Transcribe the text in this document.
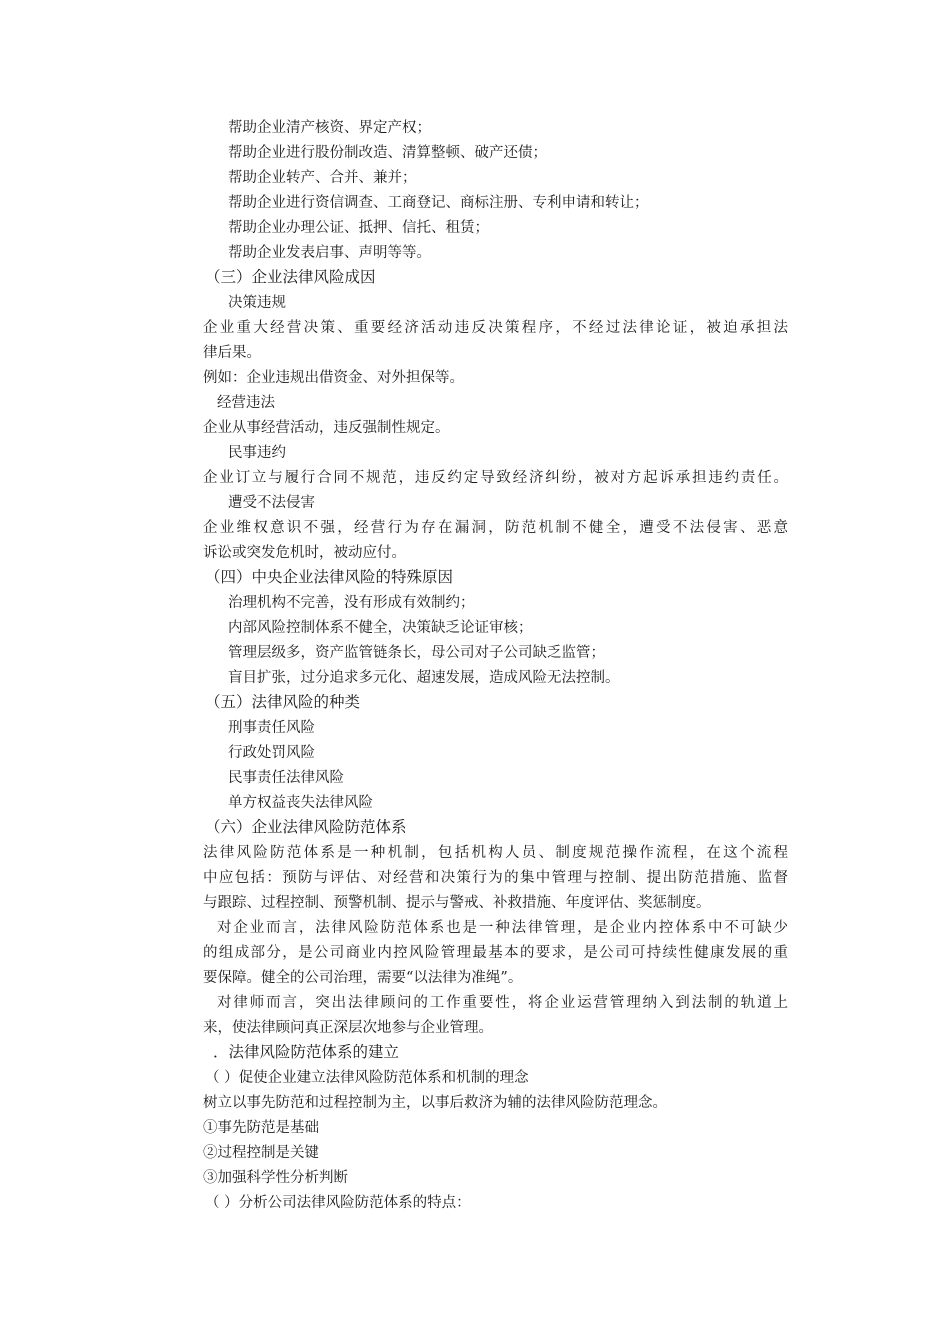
帮助企业清产核资、界定产权；
帮助企业进行股份制改造、清算整顿、破产还债；
帮助企业转产、合并、兼并；
帮助企业进行资信调查、工商登记、商标注册、专利申请和转让；
帮助企业办理公证、抵押、信托、租赁；
帮助企业发表启事、声明等等。
（三）企业法律风险成因
决策违规
企业重大经营决策、重要经济活动违反决策程序，不经过法律论证，被迫承担法
律后果。
例如：企业违规出借资金、对外担保等。
经营违法
企业从事经营活动，违反强制性规定。
民事违约
企业订立与履行合同不规范，违反约定导致经济纠纷，被对方起诉承担违约责任。
遭受不法侵害
企业维权意识不强，经营行为存在漏洞，防范机制不健全，遭受不法侵害、恶意
诉讼或突发危机时，被动应付。
（四）中央企业法律风险的特殊原因
治理机构不完善，没有形成有效制约；
内部风险控制体系不健全，决策缺乏论证审核；
管理层级多，资产监管链条长，母公司对子公司缺乏监管；
盲目扩张，过分追求多元化、超速发展，造成风险无法控制。
（五）法律风险的种类
刑事责任风险
行政处罚风险
民事责任法律风险
单方权益丧失法律风险
（六）企业法律风险防范体系
法律风险防范体系是一种机制，包括机构人员、制度规范操作流程，在这个流程
中应包括：预防与评估、对经营和决策行为的集中管理与控制、提出防范措施、监督
与跟踪、过程控制、预警机制、提示与警戒、补救措施、年度评估、奖惩制度。
对企业而言，法律风险防范体系也是一种法律管理，是企业内控体系中不可缺少
的组成部分，是公司商业内控风险管理最基本的要求，是公司可持续性健康发展的重
要保障。健全的公司治理，需要“以法律为准绳”。
对律师而言，突出法律顾问的工作重要性，将企业运营管理纳入到法制的轨道上
来，使法律顾问真正深层次地参与企业管理。
．法律风险防范体系的建立
（ ）促使企业建立法律风险防范体系和机制的理念
树立以事先防范和过程控制为主，以事后救济为辅的法律风险防范理念。
①事先防范是基础
②过程控制是关键
③加强科学性分析判断
（ ）分析公司法律风险防范体系的特点：
